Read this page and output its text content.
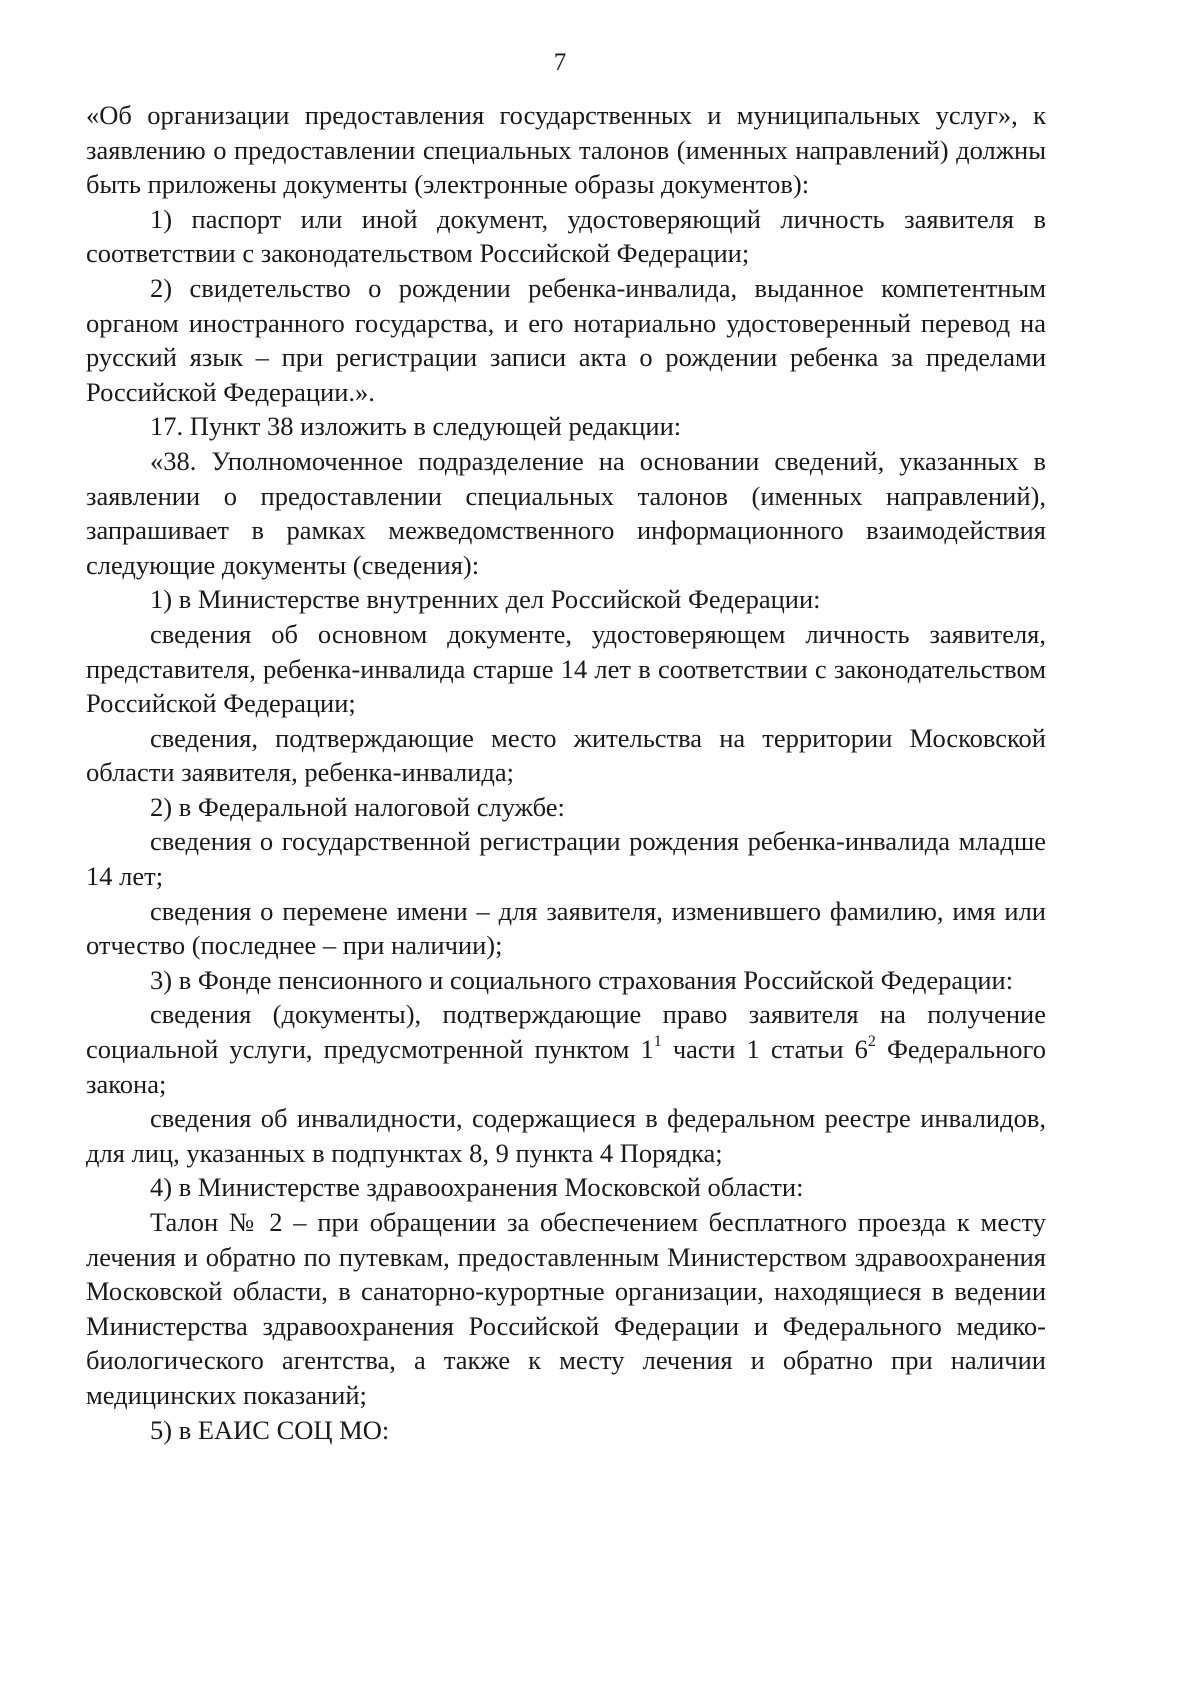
7

«Об организации предоставления государственных и муниципальных услуг», к заявлению о предоставлении специальных талонов (именных направлений) должны быть приложены документы (электронные образы документов):

1) паспорт или иной документ, удостоверяющий личность заявителя в соответствии с законодательством Российской Федерации;

2) свидетельство о рождении ребенка-инвалида, выданное компетентным органом иностранного государства, и его нотариально удостоверенный перевод на русский язык – при регистрации записи акта о рождении ребенка за пределами Российской Федерации.».

17. Пункт 38 изложить в следующей редакции:

«38. Уполномоченное подразделение на основании сведений, указанных в заявлении о предоставлении специальных талонов (именных направлений), запрашивает в рамках межведомственного информационного взаимодействия следующие документы (сведения):

1) в Министерстве внутренних дел Российской Федерации:

сведения об основном документе, удостоверяющем личность заявителя, представителя, ребенка-инвалида старше 14 лет в соответствии с законодательством Российской Федерации;

сведения, подтверждающие место жительства на территории Московской области заявителя, ребенка-инвалида;

2) в Федеральной налоговой службе:

сведения о государственной регистрации рождения ребенка-инвалида младше 14 лет;

сведения о перемене имени – для заявителя, изменившего фамилию, имя или отчество (последнее – при наличии);

3) в Фонде пенсионного и социального страхования Российской Федерации:

сведения (документы), подтверждающие право заявителя на получение социальной услуги, предусмотренной пунктом $1^1$ части 1 статьи $6^2$ Федерального закона;

сведения об инвалидности, содержащиеся в федеральном реестре инвалидов, для лиц, указанных в подпунктах 8, 9 пункта 4 Порядка;

4) в Министерстве здравоохранения Московской области:

Талон № 2 – при обращении за обеспечением бесплатного проезда к месту лечения и обратно по путевкам, предоставленным Министерством здравоохранения Московской области, в санаторно-курортные организации, находящиеся в ведении Министерства здравоохранения Российской Федерации и Федерального медико-биологического агентства, а также к месту лечения и обратно при наличии медицинских показаний;

5) в ЕАИС СОЦ МО:
